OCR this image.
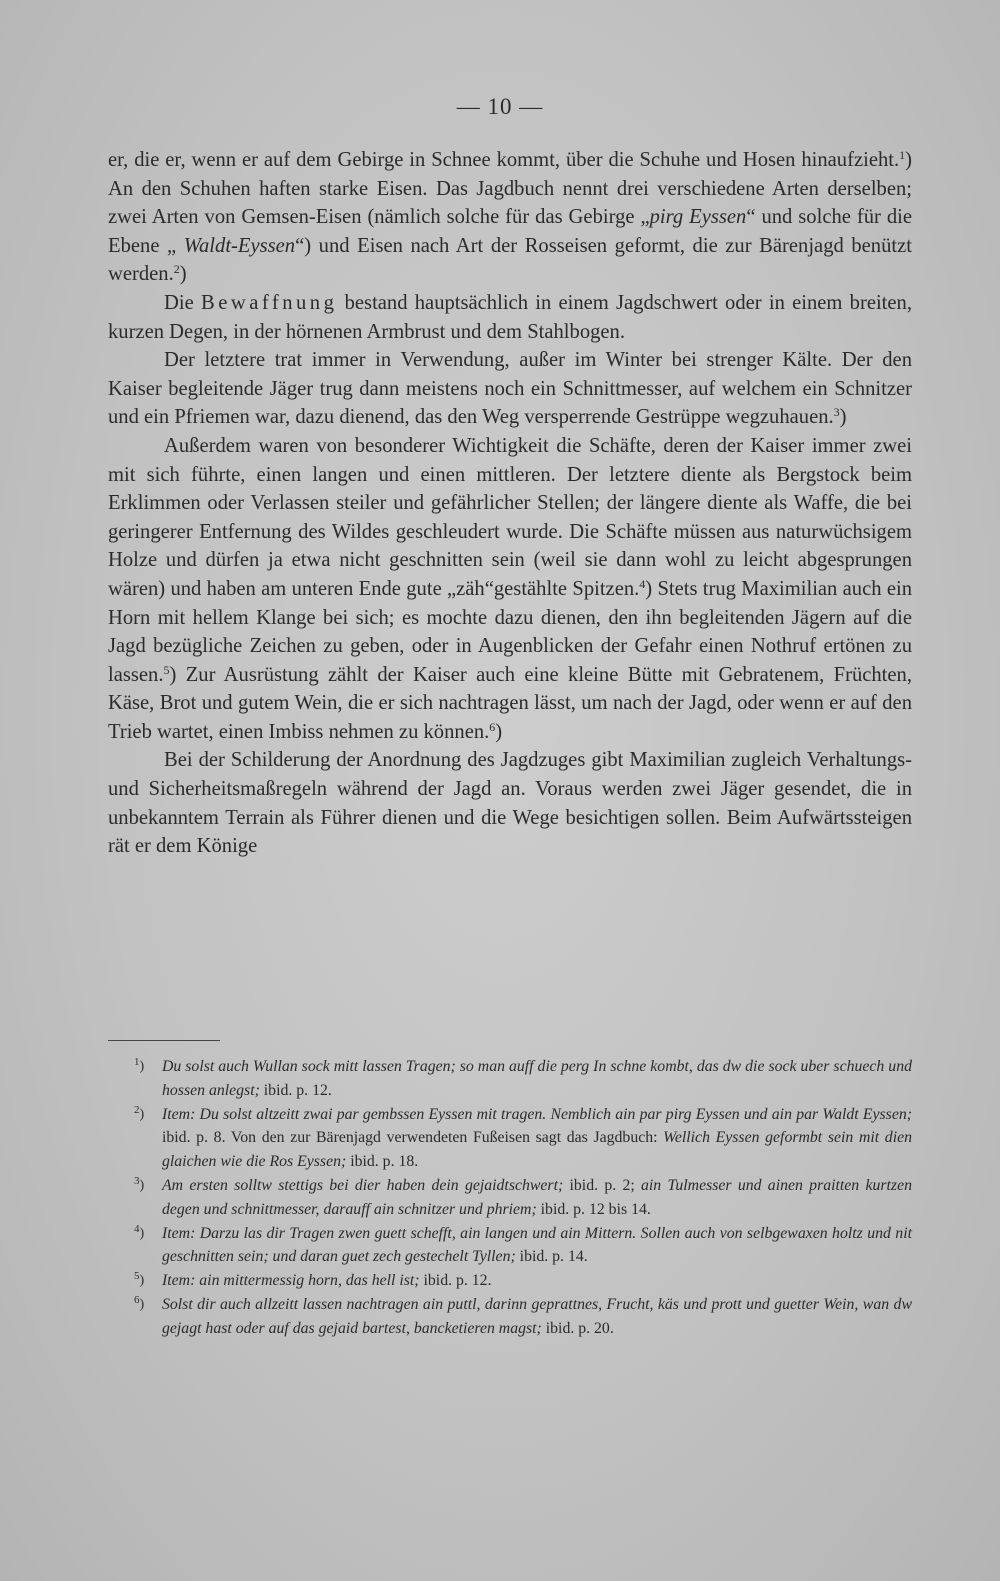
— 10 —

er, die er, wenn er auf dem Gebirge in Schnee kommt, über die Schuhe und Hosen hinaufzieht.$^1$) An den Schuhen haften starke Eisen. Das Jagdbuch nennt drei verschiedene Arten derselben; zwei Arten von Gemsen-Eisen (nämlich solche für das Gebirge „pirg Eyssen“ und solche für die Ebene „ Waldt-Eyssen“) und Eisen nach Art der Rosseisen geformt, die zur Bärenjagd benützt werden.$^2$)

Die Bewaffnung bestand hauptsächlich in einem Jagdschwert oder in einem breiten, kurzen Degen, in der hörnenen Armbrust und dem Stahlbogen.

Der letztere trat immer in Verwendung, außer im Winter bei strenger Kälte. Der den Kaiser begleitende Jäger trug dann meistens noch ein Schnittmesser, auf welchem ein Schnitzer und ein Pfriemen war, dazu dienend, das den Weg versperrende Gestrüppe wegzuhauen.$^3$)

Außerdem waren von besonderer Wichtigkeit die Schäfte, deren der Kaiser immer zwei mit sich führte, einen langen und einen mittleren. Der letztere diente als Bergstock beim Erklimmen oder Verlassen steiler und gefährlicher Stellen; der längere diente als Waffe, die bei geringerer Entfernung des Wildes geschleudert wurde. Die Schäfte müssen aus naturwüchsigem Holze und dürfen ja etwa nicht geschnitten sein (weil sie dann wohl zu leicht abgesprungen wären) und haben am unteren Ende gute „zäh“gestählte Spitzen.$^4$) Stets trug Maximilian auch ein Horn mit hellem Klange bei sich; es mochte dazu dienen, den ihn begleitenden Jägern auf die Jagd bezügliche Zeichen zu geben, oder in Augenblicken der Gefahr einen Nothruf ertönen zu lassen.$^5$) Zur Ausrüstung zählt der Kaiser auch eine kleine Bütte mit Gebratenem, Früchten, Käse, Brot und gutem Wein, die er sich nachtragen lässt, um nach der Jagd, oder wenn er auf den Trieb wartet, einen Imbiss nehmen zu können.$^6$)

Bei der Schilderung der Anordnung des Jagdzuges gibt Maximilian zugleich Verhaltungs- und Sicherheitsmaßregeln während der Jagd an. Voraus werden zwei Jäger gesendet, die in unbekanntem Terrain als Führer dienen und die Wege besichtigen sollen. Beim Aufwärtssteigen rät er dem Könige

$^1$) Du solst auch Wullan sock mitt lassen Tragen; so man auff die perg In schne kombt, das dw die sock uber schuech und hossen anlegst; ibid. p. 12.

$^2$) Item: Du solst altzeitt zwai par gembssen Eyssen mit tragen. Nemblich ain par pirg Eyssen und ain par Waldt Eyssen; ibid. p. 8. Von den zur Bärenjagd verwendeten Fußeisen sagt das Jagdbuch: Wellich Eyssen geformbt sein mit dien glaichen wie die Ros Eyssen; ibid. p. 18.

$^3$) Am ersten solltw stettigs bei dier haben dein gejaidtschwert; ibid. p. 2; ain Tulmesser und ainen praitten kurtzen degen und schnittmesser, darauff ain schnitzer und phriem; ibid. p. 12 bis 14.

$^4$) Item: Darzu las dir Tragen zwen guett schefft, ain langen und ain Mittern. Sollen auch von selbgewaxen holtz und nit geschnitten sein; und daran guet zech gestechelt Tyllen; ibid. p. 14.

$^5$) Item: ain mittermessig horn, das hell ist; ibid. p. 12.

$^6$) Solst dir auch allzeitt lassen nachtragen ain puttl, darinn geprattnes, Frucht, käs und prott und guetter Wein, wan dw gejagt hast oder auf das gejaid bartest, bancketieren magst; ibid. p. 20.
